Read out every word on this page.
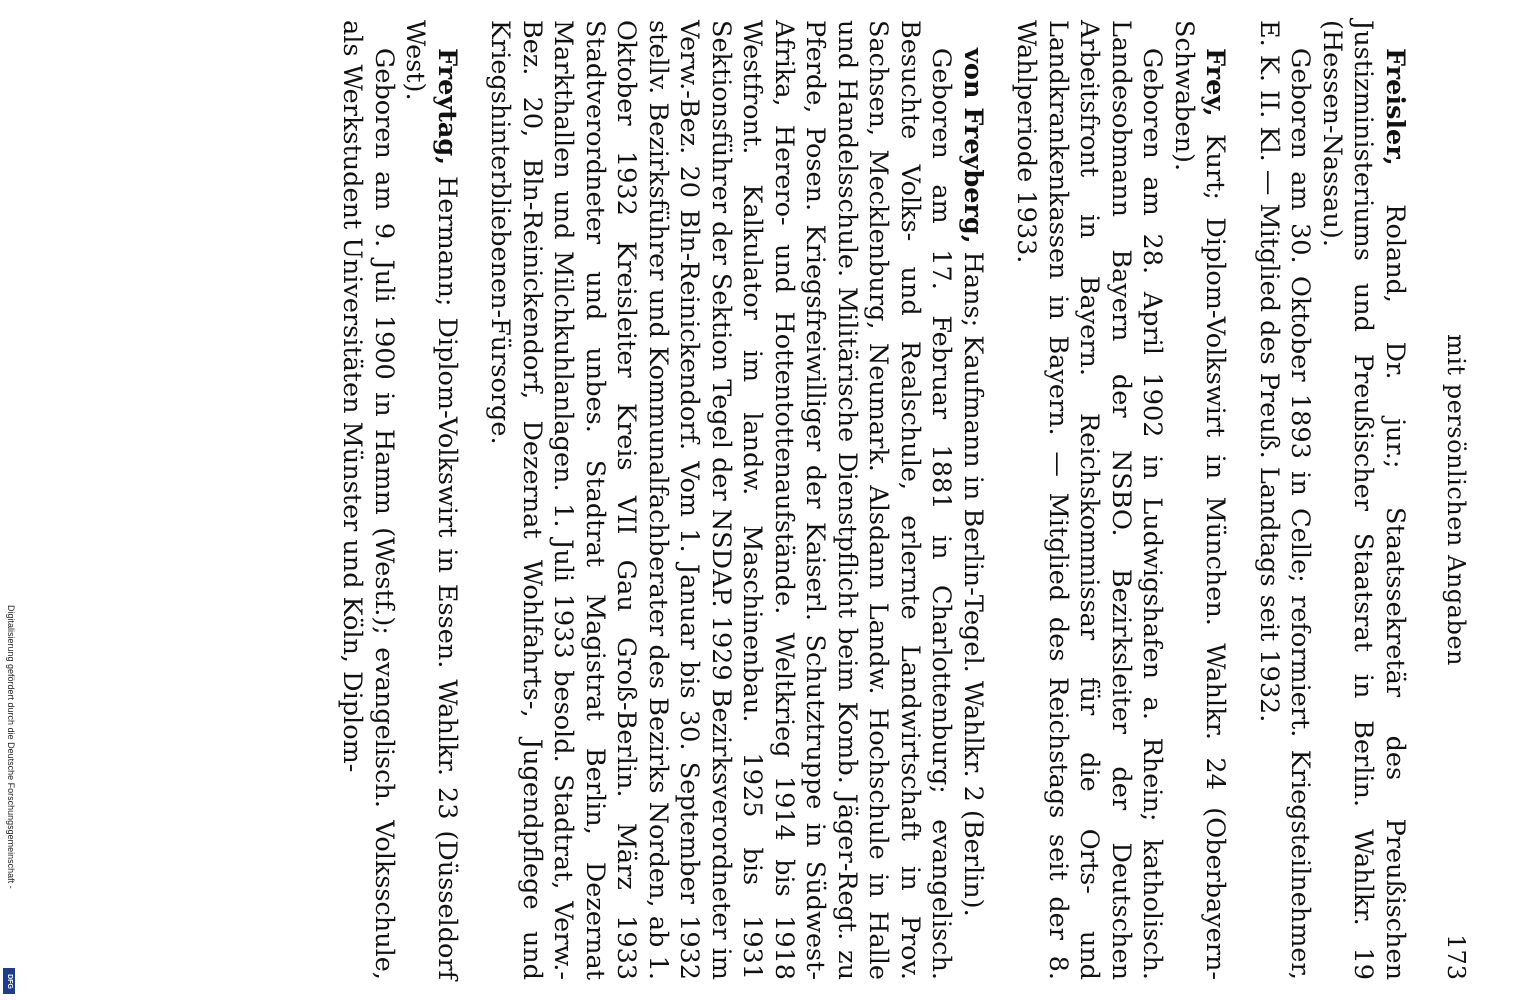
mit persönlichen Angaben
173
Freisler, Roland, Dr. jur.; Staatssekretär des Preußischen Justizministeriums und Preußischer Staatsrat in Berlin. Wahlkr. 19 (Hessen-Nassau).
Geboren am 30. Oktober 1893 in Celle; reformiert. Kriegsteilnehmer, E. K. II. Kl. — Mitglied des Preuß. Landtags seit 1932.
Frey, Kurt; Diplom-Volkswirt in München. Wahlkr. 24 (Oberbayern-Schwaben).
Geboren am 28. April 1902 in Ludwigshafen a. Rhein; katholisch. Landesobmann Bayern der NSBO. Bezirksleiter der Deutschen Arbeitsfront in Bayern. Reichskommissar für die Orts- und Landkrankenkassen in Bayern. — Mitglied des Reichstags seit der 8. Wahlperiode 1933.
von Freyberg, Hans; Kaufmann in Berlin-Tegel. Wahlkr. 2 (Berlin).
Geboren am 17. Februar 1881 in Charlottenburg; evangelisch. Besuchte Volks- und Realschule, erlernte Landwirtschaft in Prov. Sachsen, Mecklenburg, Neumark. Alsdann Landw. Hochschule in Halle und Handelsschule. Militärische Dienstpflicht beim Komb. Jäger-Regt. zu Pferde, Posen. Kriegsfreiwilliger der Kaiserl. Schutztruppe in Südwest-Afrika, Herero- und Hottentottenaufstände. Weltkrieg 1914 bis 1918 Westfront. Kalkulator im landw. Maschinenbau. 1925 bis 1931 Sektionsführer der Sektion Tegel der NSDAP. 1929 Bezirksverordneter im Verw.-Bez. 20 Bln-Reinickendorf. Vom 1. Januar bis 30. September 1932 stellv. Bezirksführer und Kommunalfachberater des Bezirks Norden, ab 1. Oktober 1932 Kreisleiter Kreis VII Gau Groß-Berlin. März 1933 Stadtverordneter und unbes. Stadtrat Magistrat Berlin, Dezernat Markthallen und Milchkuhlanlagen. 1. Juli 1933 besold. Stadtrat, Verw.-Bez. 20, Bln-Reinickendorf, Dezernat Wohlfahrts-, Jugendpflege und Kriegshinterbliebenen-Fürsorge.
Freytag, Hermann; Diplom-Volkswirt in Essen. Wahlkr. 23 (Düsseldorf West).
Geboren am 9. Juli 1900 in Hamm (Westf.); evangelisch. Volksschule, als Werkstudent Universitäten Münster und Köln, Diplom-
Digitalisierung gefördert durch die Deutsche Forschungsgemeinschaft -
DFG
